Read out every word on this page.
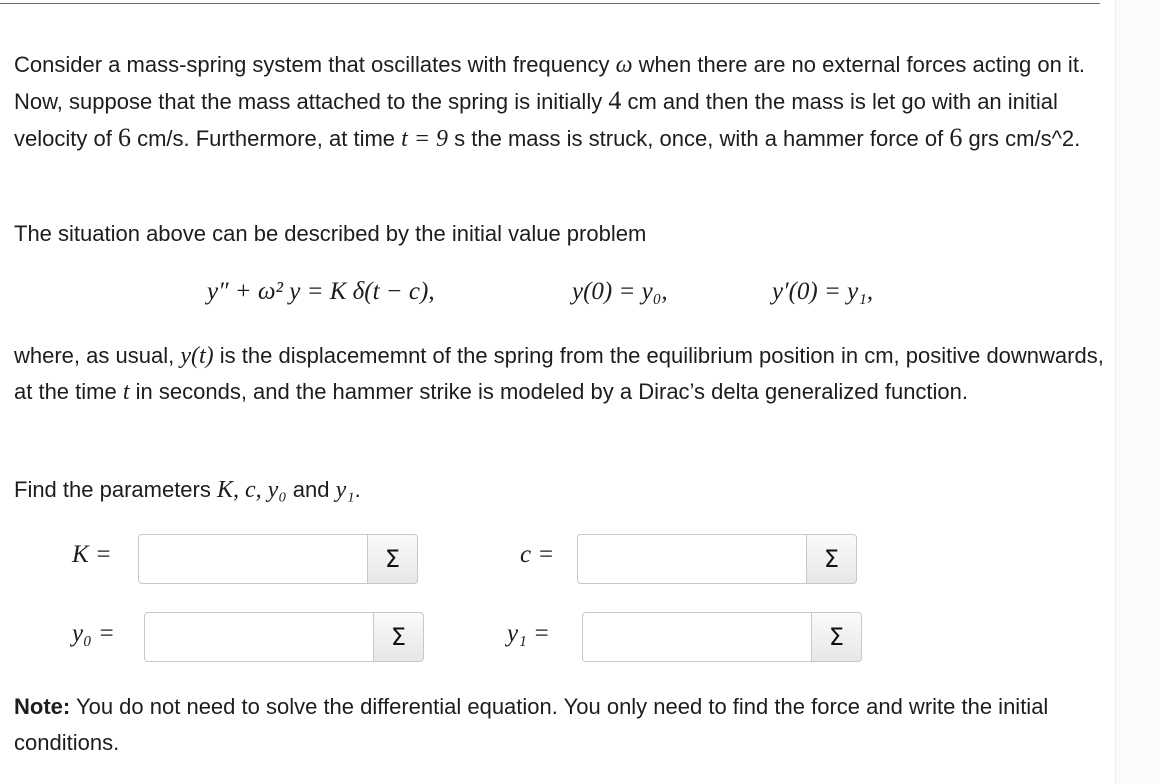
Consider a mass-spring system that oscillates with frequency ω when there are no external forces acting on it. Now, suppose that the mass attached to the spring is initially 4 cm and then the mass is let go with an initial velocity of 6 cm/s. Furthermore, at time t = 9 s the mass is struck, once, with a hammer force of 6 grs cm/s^2.

The situation above can be described by the initial value problem

y″ + ω² y = K δ(t − c),	y(0) = y₀,	y′(0) = y₁,

where, as usual, y(t) is the displacememnt of the spring from the equilibrium position in cm, positive downwards, at the time t in seconds, and the hammer strike is modeled by a Dirac’s delta generalized function.

Find the parameters K, c, y₀ and y₁.

K =	Σ	c =	Σ
y₀ =	Σ	y₁ =	Σ

Note: You do not need to solve the differential equation. You only need to find the force and write the initial conditions.
